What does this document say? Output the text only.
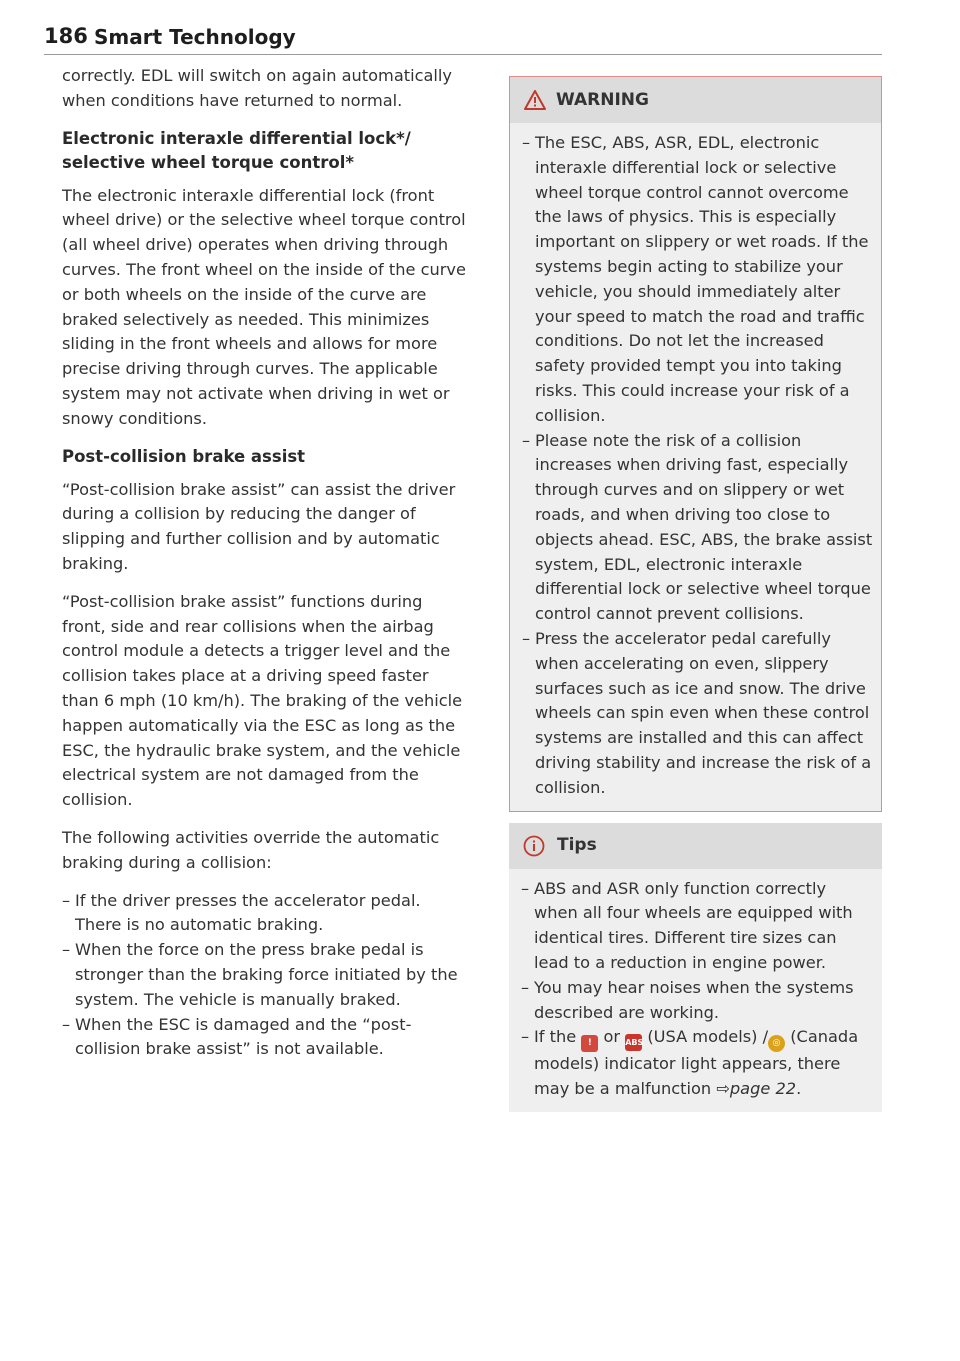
186 Smart Technology

correctly. EDL will switch on again automatically when conditions have returned to normal.

Electronic interaxle differential lock*/ selective wheel torque control*

The electronic interaxle differential lock (front wheel drive) or the selective wheel torque control (all wheel drive) operates when driving through curves. The front wheel on the inside of the curve or both wheels on the inside of the curve are braked selectively as needed. This minimizes sliding in the front wheels and allows for more precise driving through curves. The applicable system may not activate when driving in wet or snowy conditions.

Post-collision brake assist

“Post-collision brake assist” can assist the driver during a collision by reducing the danger of slipping and further collision and by automatic braking.

“Post-collision brake assist” functions during front, side and rear collisions when the airbag control module a detects a trigger level and the collision takes place at a driving speed faster than 6 mph (10 km/h). The braking of the vehicle happen automatically via the ESC as long as the ESC, the hydraulic brake system, and the vehicle electrical system are not damaged from the collision.

The following activities override the automatic braking during a collision:

– If the driver presses the accelerator pedal. There is no automatic braking.
– When the force on the press brake pedal is stronger than the braking force initiated by the system. The vehicle is manually braked.
– When the ESC is damaged and the “post-collision brake assist” is not available.
WARNING
– The ESC, ABS, ASR, EDL, electronic interaxle differential lock or selective wheel torque control cannot overcome the laws of physics. This is especially important on slippery or wet roads. If the systems begin acting to stabilize your vehicle, you should immediately alter your speed to match the road and traffic conditions. Do not let the increased safety provided tempt you into taking risks. This could increase your risk of a collision.
– Please note the risk of a collision increases when driving fast, especially through curves and on slippery or wet roads, and when driving too close to objects ahead. ESC, ABS, the brake assist system, EDL, electronic interaxle differential lock or selective wheel torque control cannot prevent collisions.
– Press the accelerator pedal carefully when accelerating on even, slippery surfaces such as ice and snow. The drive wheels can spin even when these control systems are installed and this can affect driving stability and increase the risk of a collision.
Tips
– ABS and ASR only function correctly when all four wheels are equipped with identical tires. Different tire sizes can lead to a reduction in engine power.
– You may hear noises when the systems described are working.
– If the ! or ABS (USA models) / ◎ (Canada models) indicator light appears, there may be a malfunction ⇨page 22.
